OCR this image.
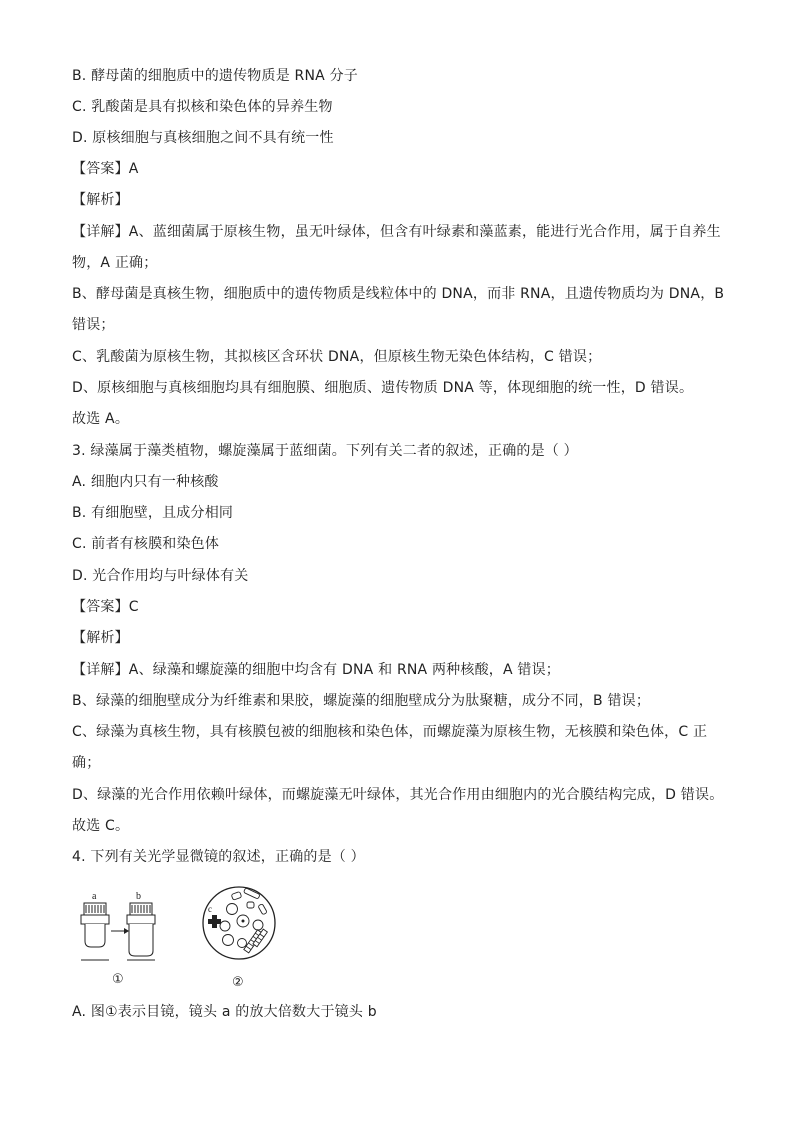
B. 酵母菌的细胞质中的遗传物质是 RNA 分子
C. 乳酸菌是具有拟核和染色体的异养生物
D. 原核细胞与真核细胞之间不具有统一性
【答案】A
【解析】
【详解】A、蓝细菌属于原核生物，虽无叶绿体，但含有叶绿素和藻蓝素，能进行光合作用，属于自养生
物，A 正确；
B、酵母菌是真核生物，细胞质中的遗传物质是线粒体中的 DNA，而非 RNA，且遗传物质均为 DNA，B
错误；
C、乳酸菌为原核生物，其拟核区含环状 DNA，但原核生物无染色体结构，C 错误；
D、原核细胞与真核细胞均具有细胞膜、细胞质、遗传物质 DNA 等，体现细胞的统一性，D 错误。
故选 A。
3. 绿藻属于藻类植物，螺旋藻属于蓝细菌。下列有关二者的叙述，正确的是（ ）
A. 细胞内只有一种核酸
B. 有细胞壁，且成分相同
C. 前者有核膜和染色体
D. 光合作用均与叶绿体有关
【答案】C
【解析】
【详解】A、绿藻和螺旋藻的细胞中均含有 DNA 和 RNA 两种核酸，A 错误；
B、绿藻的细胞壁成分为纤维素和果胶，螺旋藻的细胞壁成分为肽聚糖，成分不同，B 错误；
C、绿藻为真核生物，具有核膜包被的细胞核和染色体，而螺旋藻为原核生物，无核膜和染色体，C 正
确；
D、绿藻的光合作用依赖叶绿体，而螺旋藻无叶绿体，其光合作用由细胞内的光合膜结构完成，D 错误。
故选 C。
4. 下列有关光学显微镜的叙述，正确的是（ ）
a	b
①
c
②
A. 图①表示目镜，镜头 a 的放大倍数大于镜头 b
